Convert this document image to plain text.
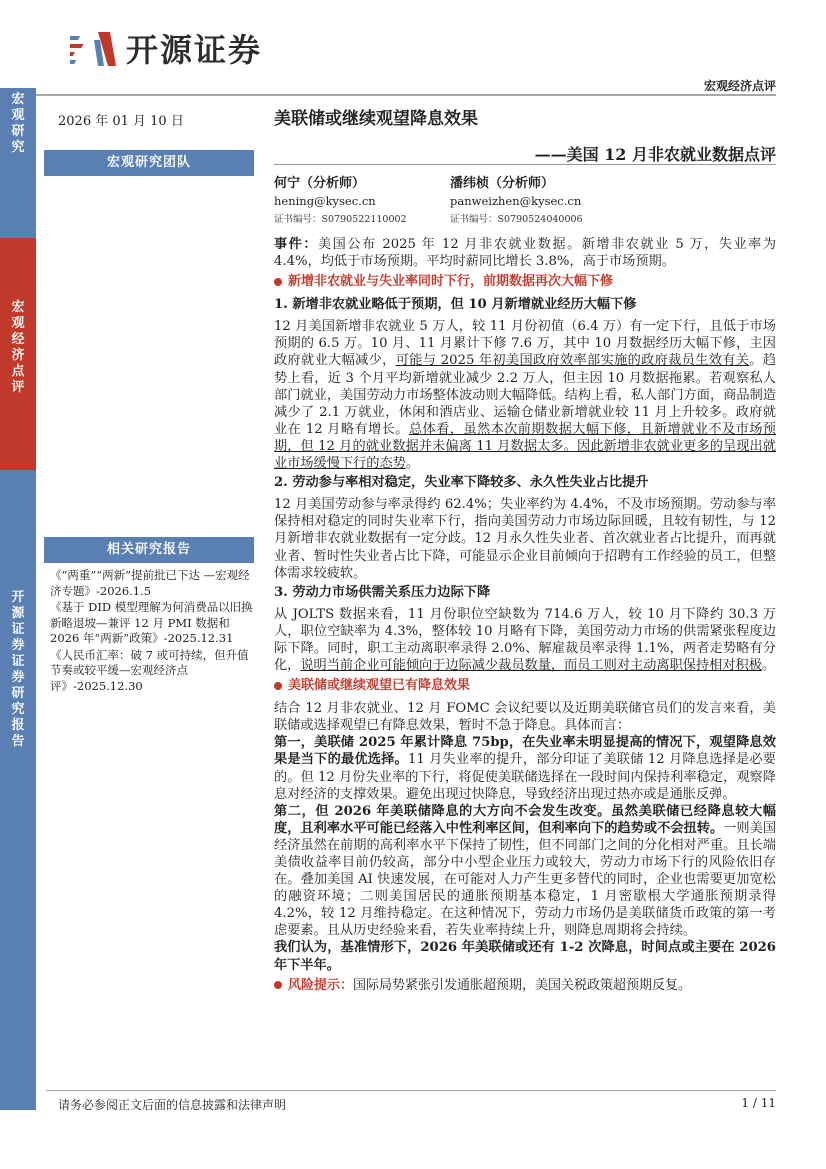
开源证券
宏观经济点评
宏观研究
宏观经济点评
开源证券 证券研究报告
2026 年 01 月 10 日
宏观研究团队
相关研究报告
《“两重”“两新”提前批已下达 —宏观经济专题》-2026.1.5
《基于 DID 模型理解为何消费品以旧换新略退坡—兼评 12 月 PMI 数据和 2026 年“两新”政策》-2025.12.31
《人民币汇率：破 7 或可持续，但升值节奏或较平缓—宏观经济点评》-2025.12.30
美联储或继续观望降息效果
——美国 12 月非农就业数据点评
何宁（分析师）
hening@kysec.cn
证书编号：S0790522110002
潘纬桢（分析师）
panweizhen@kysec.cn
证书编号：S0790524040006

事件：美国公布 2025 年 12 月非农就业数据。新增非农就业 5 万，失业率为 4.4%，均低于市场预期。平均时薪同比增长 3.8%，高于市场预期。

新增非农就业与失业率同时下行，前期数据再次大幅下修
1. 新增非农就业略低于预期，但 10 月新增就业经历大幅下修

12 月美国新增非农就业 5 万人，较 11 月份初值（6.4 万）有一定下行，且低于市场预期的 6.5 万。10 月、11 月累计下修 7.6 万，其中 10 月数据经历大幅下修，主因政府就业大幅减少，可能与 2025 年初美国政府效率部实施的政府裁员生效有关。趋势上看，近 3 个月平均新增就业减少 2.2 万人，但主因 10 月数据拖累。若观察私人部门就业，美国劳动力市场整体波动则大幅降低。结构上看，私人部门方面，商品制造减少了 2.1 万就业，休闲和酒店业、运输仓储业新增就业较 11 月上升较多。政府就业在 12 月略有增长。总体看，虽然本次前期数据大幅下修，且新增就业不及市场预期，但 12 月的就业数据并未偏离 11 月数据太多。因此新增非农就业更多的呈现出就业市场缓慢下行的态势。

2. 劳动参与率相对稳定，失业率下降较多、永久性失业占比提升

12 月美国劳动参与率录得约 62.4%；失业率约为 4.4%，不及市场预期。劳动参与率保持相对稳定的同时失业率下行，指向美国劳动力市场边际回暖，且较有韧性，与 12 月新增非农就业数据有一定分歧。12 月永久性失业者、首次就业者占比提升，而再就业者、暂时性失业者占比下降，可能显示企业目前倾向于招聘有工作经验的员工，但整体需求较疲软。

3. 劳动力市场供需关系压力边际下降

从 JOLTS 数据来看，11 月份职位空缺数为 714.6 万人，较 10 月下降约 30.3 万人，职位空缺率为 4.3%，整体较 10 月略有下降，美国劳动力市场的供需紧张程度边际下降。同时，职工主动离职率录得 2.0%、解雇裁员率录得 1.1%，两者走势略有分化，说明当前企业可能倾向于边际减少裁员数量，而员工则对主动离职保持相对积极。

美联储或继续观望已有降息效果

结合 12 月非农就业、12 月 FOMC 会议纪要以及近期美联储官员们的发言来看，美联储或选择观望已有降息效果，暂时不急于降息。具体而言：

第一，美联储 2025 年累计降息 75bp，在失业率未明显提高的情况下，观望降息效果是当下的最优选择。11 月失业率的提升，部分印证了美联储 12 月降息选择是必要的。但 12 月份失业率的下行，将促使美联储选择在一段时间内保持利率稳定，观察降息对经济的支撑效果。避免出现过快降息，导致经济出现过热亦或是通胀反弹。

第二，但 2026 年美联储降息的大方向不会发生改变。虽然美联储已经降息较大幅度，且利率水平可能已经落入中性利率区间，但利率向下的趋势或不会扭转。一则美国经济虽然在前期的高利率水平下保持了韧性，但不同部门之间的分化相对严重。且长端美债收益率目前仍较高，部分中小型企业压力或较大，劳动力市场下行的风险依旧存在。叠加美国 AI 快速发展，在可能对人力产生更多替代的同时，企业也需要更加宽松的融资环境；二则美国居民的通胀预期基本稳定，1 月密歇根大学通胀预期录得 4.2%，较 12 月维持稳定。在这种情况下，劳动力市场仍是美联储货币政策的第一考虑要素。且从历史经验来看，若失业率持续上升，则降息周期将会持续。

我们认为，基准情形下，2026 年美联储或还有 1-2 次降息，时间点或主要在 2026 年下半年。

风险提示： 国际局势紧张引发通胀超预期，美国关税政策超预期反复。
请务必参阅正文后面的信息披露和法律声明	1 / 11
